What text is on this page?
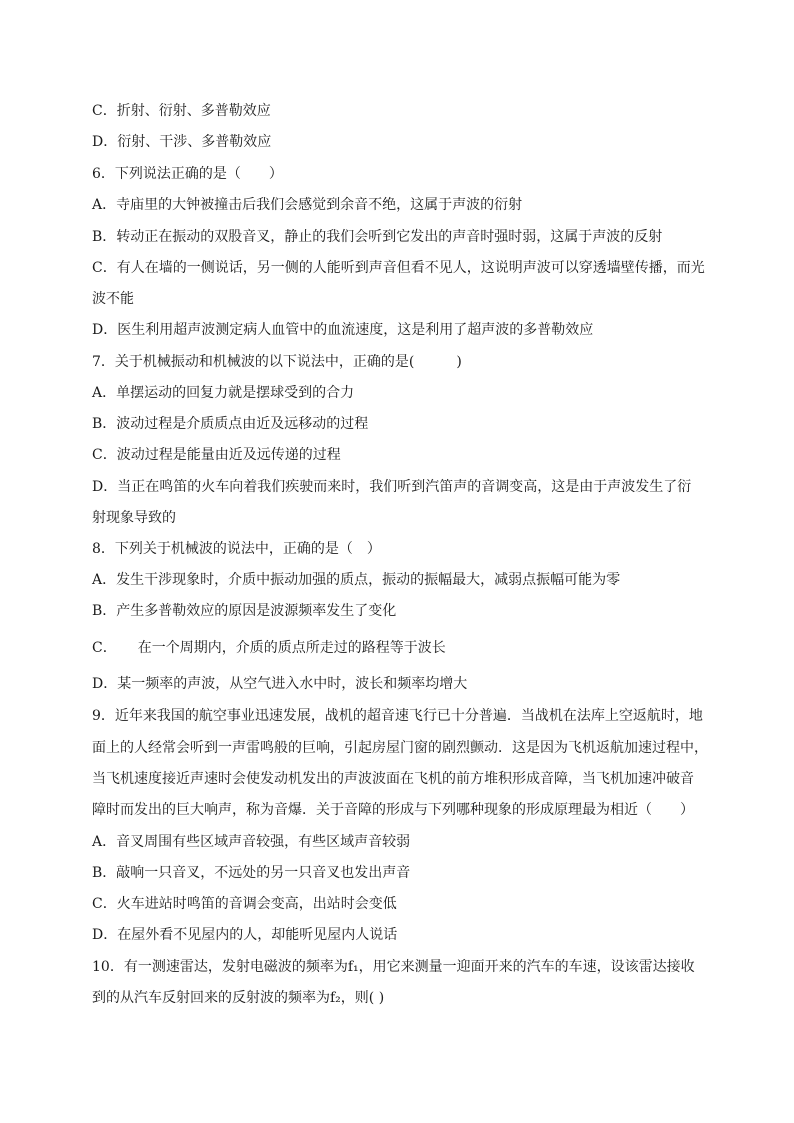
C．折射、衍射、多普勒效应
D．衍射、干涉、多普勒效应
6．下列说法正确的是（　　）
A．寺庙里的大钟被撞击后我们会感觉到余音不绝，这属于声波的衍射
B．转动正在振动的双股音叉，静止的我们会听到它发出的声音时强时弱，这属于声波的反射
C．有人在墙的一侧说话，另一侧的人能听到声音但看不见人，这说明声波可以穿透墙壁传播，而光
波不能
D．医生利用超声波测定病人血管中的血流速度，这是利用了超声波的多普勒效应
7．关于机械振动和机械波的以下说法中，正确的是(　　　)
A．单摆运动的回复力就是摆球受到的合力
B．波动过程是介质质点由近及远移动的过程
C．波动过程是能量由近及远传递的过程
D．当正在鸣笛的火车向着我们疾驶而来时，我们听到汽笛声的音调变高，这是由于声波发生了衍
射现象导致的
8．下列关于机械波的说法中，正确的是（　）
A．发生干涉现象时，介质中振动加强的质点，振动的振幅最大，减弱点振幅可能为零
B．产生多普勒效应的原因是波源频率发生了变化
C．　　在一个周期内，介质的质点所走过的路程等于波长
D．某一频率的声波，从空气进入水中时，波长和频率均增大
9．近年来我国的航空事业迅速发展，战机的超音速飞行已十分普遍．当战机在法库上空返航时，地
面上的人经常会听到一声雷鸣般的巨响，引起房屋门窗的剧烈颤动．这是因为飞机返航加速过程中，
当飞机速度接近声速时会使发动机发出的声波波面在飞机的前方堆积形成音障，当飞机加速冲破音
障时而发出的巨大响声，称为音爆．关于音障的形成与下列哪种现象的形成原理最为相近（　　）
A．音叉周围有些区域声音较强，有些区域声音较弱
B．敲响一只音叉，不远处的另一只音叉也发出声音
C．火车进站时鸣笛的音调会变高，出站时会变低
D．在屋外看不见屋内的人，却能听见屋内人说话
10．有一测速雷达，发射电磁波的频率为f₁，用它来测量一迎面开来的汽车的车速，设该雷达接收
到的从汽车反射回来的反射波的频率为f₂，则( )
